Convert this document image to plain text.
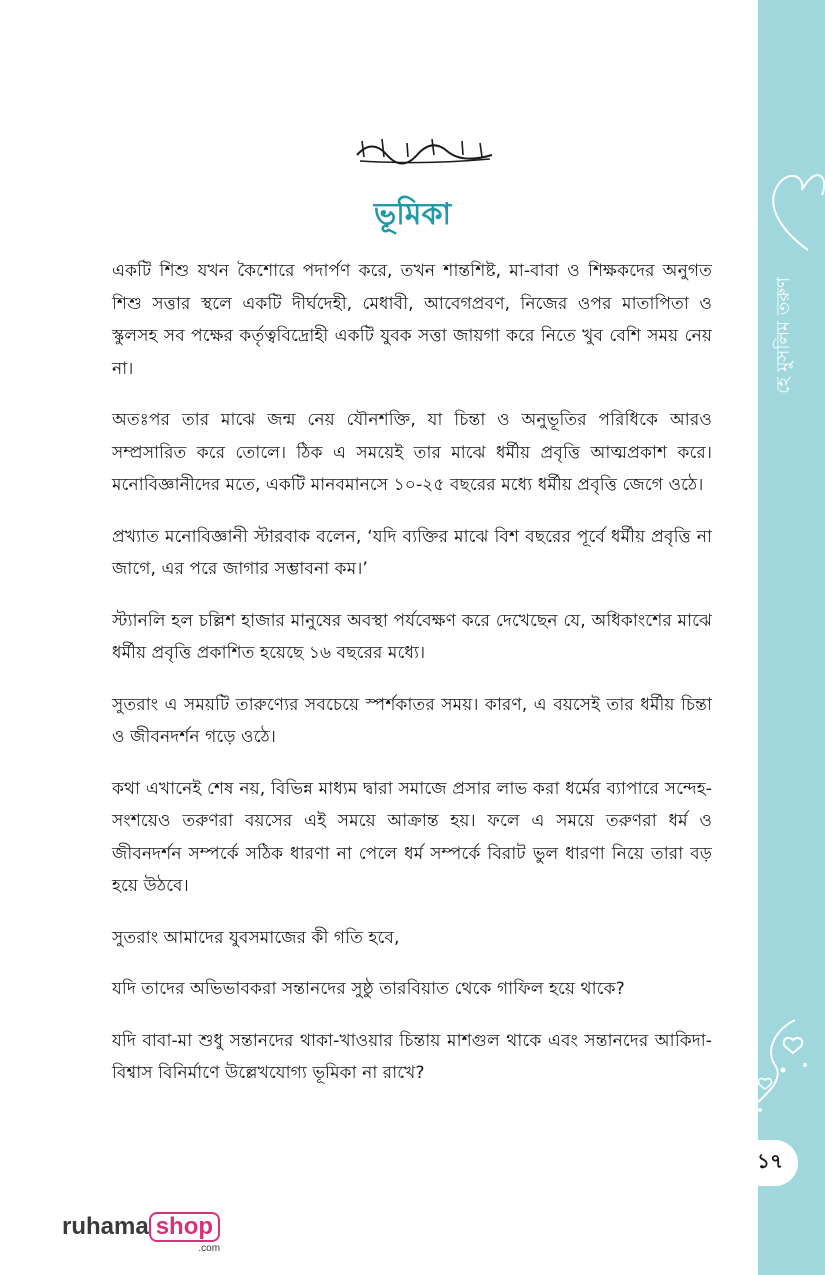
হে মুসলিম তরুণ
১৭
ভূমিকা

একটি শিশু যখন কৈশোরে পদার্পণ করে, তখন শান্তশিষ্ট, মা-বাবা ও শিক্ষকদের অনুগত শিশু সত্তার স্থলে একটি দীর্ঘদেহী, মেধাবী, আবেগপ্রবণ, নিজের ওপর মাতাপিতা ও স্কুলসহ সব পক্ষের কর্তৃত্ববিদ্রোহী একটি যুবক সত্তা জায়গা করে নিতে খুব বেশি সময় নেয় না।

অতঃপর তার মাঝে জন্ম নেয় যৌনশক্তি, যা চিন্তা ও অনুভূতির পরিধিকে আরও সম্প্রসারিত করে তোলে। ঠিক এ সময়েই তার মাঝে ধর্মীয় প্রবৃত্তি আত্মপ্রকাশ করে। মনোবিজ্ঞানীদের মতে, একটি মানবমানসে ১০-২৫ বছরের মধ্যে ধর্মীয় প্রবৃত্তি জেগে ওঠে।

প্রখ্যাত মনোবিজ্ঞানী স্টারবাক বলেন, ‘যদি ব্যক্তির মাঝে বিশ বছরের পূর্বে ধর্মীয় প্রবৃত্তি না জাগে, এর পরে জাগার সম্ভাবনা কম।’

স্ট্যানলি হল চল্লিশ হাজার মানুষের অবস্থা পর্যবেক্ষণ করে দেখেছেন যে, অধিকাংশের মাঝে ধর্মীয় প্রবৃত্তি প্রকাশিত হয়েছে ১৬ বছরের মধ্যে।

সুতরাং এ সময়টি তারুণ্যের সবচেয়ে স্পর্শকাতর সময়। কারণ, এ বয়সেই তার ধর্মীয় চিন্তা ও জীবনদর্শন গড়ে ওঠে।

কথা এখানেই শেষ নয়, বিভিন্ন মাধ্যম দ্বারা সমাজে প্রসার লাভ করা ধর্মের ব্যাপারে সন্দেহ-সংশয়েও তরুণরা বয়সের এই সময়ে আক্রান্ত হয়। ফলে এ সময়ে তরুণরা ধর্ম ও জীবনদর্শন সম্পর্কে সঠিক ধারণা না পেলে ধর্ম সম্পর্কে বিরাট ভুল ধারণা নিয়ে তারা বড় হয়ে উঠবে।

সুতরাং আমাদের যুবসমাজের কী গতি হবে,

যদি তাদের অভিভাবকরা সন্তানদের সুষ্ঠু তারবিয়াত থেকে গাফিল হয়ে থাকে?

যদি বাবা-মা শুধু সন্তানদের থাকা-খাওয়ার চিন্তায় মাশগুল থাকে এবং সন্তানদের আকিদা-বিশ্বাস বিনির্মাণে উল্লেখযোগ্য ভূমিকা না রাখে?

ruhama shop
.com
